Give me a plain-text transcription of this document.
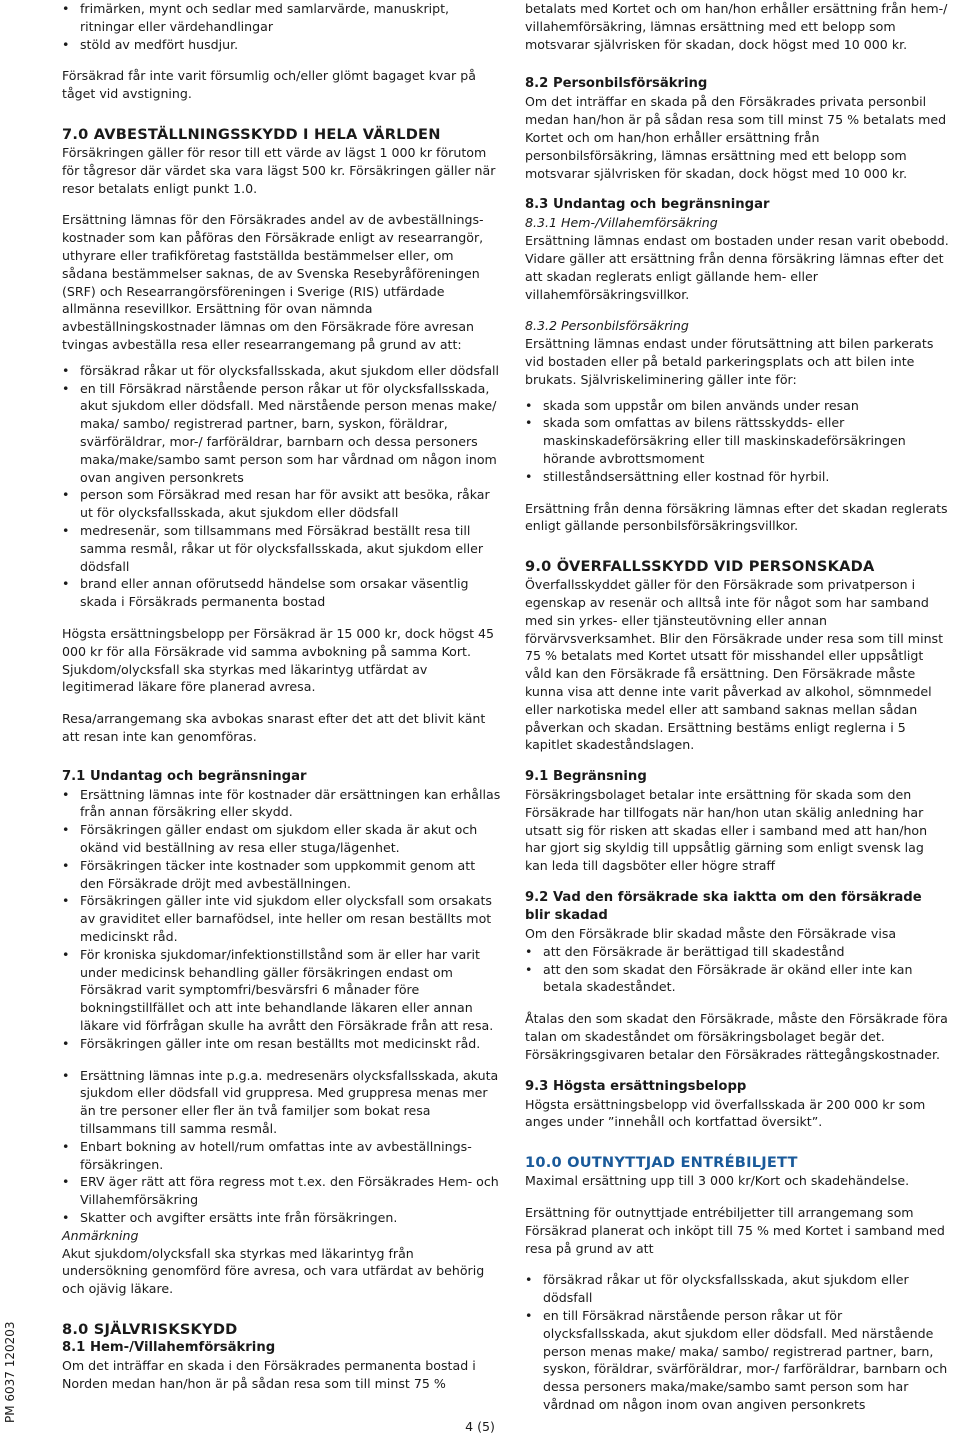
PM 6037 120203
• frimärken, mynt och sedlar med samlarvärde, manuskript, ritningar eller värdehandlingar
• stöld av medfört husdjur.

Försäkrad får inte varit försumlig och/eller glömt bagaget kvar på tåget vid avstigning.

7.0 AVBESTÄLLNINGSSKYDD I HELA VÄRLDEN

Försäkringen gäller för resor till ett värde av lägst 1 000 kr förutom för tågresor där värdet ska vara lägst 500 kr. Försäkringen gäller när resor betalats enligt punkt 1.0.

Ersättning lämnas för den Försäkrades andel av de avbeställnings-kostnader som kan påföras den Försäkrade enligt av researrangör, uthyrare eller trafikföretag fastställda bestämmelser eller, om sådana bestämmelser saknas, de av Svenska Resebyråföreningen (SRF) och Researrangörsföreningen i Sverige (RIS) utfärdade allmänna resevillkor. Ersättning för ovan nämnda avbeställningskostnader lämnas om den Försäkrade före avresan tvingas avbeställa resa eller researrangemang på grund av att:

• försäkrad råkar ut för olycksfallsskada, akut sjukdom eller dödsfall
• en till Försäkrad närstående person råkar ut för olycksfallsskada, akut sjukdom eller dödsfall. Med närstående person menas make/ maka/ sambo/ registrerad partner, barn, syskon, föräldrar, svärföräldrar, mor-/ farföräldrar, barnbarn och dessa personers maka/make/sambo samt person som har vårdnad om någon inom ovan angiven personkrets
• person som Försäkrad med resan har för avsikt att besöka, råkar ut för olycksfallsskada, akut sjukdom eller dödsfall
• medresenär, som tillsammans med Försäkrad beställt resa till samma resmål, råkar ut för olycksfallsskada, akut sjukdom eller dödsfall
• brand eller annan oförutsedd händelse som orsakar väsentlig skada i Försäkrads permanenta bostad

Högsta ersättningsbelopp per Försäkrad är 15 000 kr, dock högst 45 000 kr för alla Försäkrade vid samma avbokning på samma Kort. Sjukdom/olycksfall ska styrkas med läkarintyg utfärdat av legitimerad läkare före planerad avresa.

Resa/arrangemang ska avbokas snarast efter det att det blivit känt att resan inte kan genomföras.

7.1 Undantag och begränsningar
• Ersättning lämnas inte för kostnader där ersättningen kan erhållas från annan försäkring eller skydd.
• Försäkringen gäller endast om sjukdom eller skada är akut och okänd vid beställning av resa eller stuga/lägenhet.
• Försäkringen täcker inte kostnader som uppkommit genom att den Försäkrade dröjt med avbeställningen.
• Försäkringen gäller inte vid sjukdom eller olycksfall som orsakats av graviditet eller barnafödsel, inte heller om resan beställts mot medicinskt råd.
• För kroniska sjukdomar/infektionstillstånd som är eller har varit under medicinsk behandling gäller försäkringen endast om Försäkrad varit symptomfri/besvärsfri 6 månader före bokningstillfället och att inte behandlande läkaren eller annan läkare vid förfrågan skulle ha avrått den Försäkrade från att resa.
• Försäkringen gäller inte om resan beställts mot medicinskt råd.
• Ersättning lämnas inte p.g.a. medresenärs olycksfallsskada, akuta sjukdom eller dödsfall vid gruppresa. Med gruppresa menas mer än tre personer eller fler än två familjer som bokat resa tillsammans till samma resmål.
• Enbart bokning av hotell/rum omfattas inte av avbeställnings-försäkringen.
• ERV äger rätt att föra regress mot t.ex. den Försäkrades Hem- och Villahemförsäkring
• Skatter och avgifter ersätts inte från försäkringen.

Anmärkning

Akut sjukdom/olycksfall ska styrkas med läkarintyg från undersökning genomförd före avresa, och vara utfärdat av behörig och ojävig läkare.

8.0 SJÄLVRISKSKYDD
8.1 Hem-/Villahemförsäkring

Om det inträffar en skada i den Försäkrades permanenta bostad i Norden medan han/hon är på sådan resa som till minst 75 %

betalats med Kortet och om han/hon erhåller ersättning från hem-/ villahemförsäkring, lämnas ersättning med ett belopp som motsvarar självrisken för skadan, dock högst med 10 000 kr.

8.2 Personbilsförsäkring

Om det inträffar en skada på den Försäkrades privata personbil medan han/hon är på sådan resa som till minst 75 % betalats med Kortet och om han/hon erhåller ersättning från personbilsförsäkring, lämnas ersättning med ett belopp som motsvarar självrisken för skadan, dock högst med 10 000 kr.

8.3 Undantag och begränsningar

8.3.1 Hem-/Villahemförsäkring

Ersättning lämnas endast om bostaden under resan varit obebodd. Vidare gäller att ersättning från denna försäkring lämnas efter det att skadan reglerats enligt gällande hem- eller villahemförsäkringsvillkor.

8.3.2 Personbilsförsäkring

Ersättning lämnas endast under förutsättning att bilen parkerats vid bostaden eller på betald parkeringsplats och att bilen inte brukats. Självriskeliminering gäller inte för:

• skada som uppstår om bilen används under resan
• skada som omfattas av bilens rättsskydds- eller maskinskadeförsäkring eller till maskinskadeförsäkringen hörande avbrottsmoment
• stilleståndsersättning eller kostnad för hyrbil.

Ersättning från denna försäkring lämnas efter det skadan reglerats enligt gällande personbilsförsäkringsvillkor.

9.0 ÖVERFALLSSKYDD VID PERSONSKADA

Överfallsskyddet gäller för den Försäkrade som privatperson i egenskap av resenär och alltså inte för något som har samband med sin yrkes- eller tjänsteutövning eller annan förvärvsverksamhet. Blir den Försäkrade under resa som till minst 75 % betalats med Kortet utsatt för misshandel eller uppsåtligt våld kan den Försäkrade få ersättning. Den Försäkrade måste kunna visa att denne inte varit påverkad av alkohol, sömnmedel eller narkotiska medel eller att samband saknas mellan sådan påverkan och skadan. Ersättning bestäms enligt reglerna i 5 kapitlet skadeståndslagen.

9.1 Begränsning

Försäkringsbolaget betalar inte ersättning för skada som den Försäkrade har tillfogats när han/hon utan skälig anledning har utsatt sig för risken att skadas eller i samband med att han/hon har gjort sig skyldig till uppsåtlig gärning som enligt svensk lag kan leda till dagsböter eller högre straff

9.2 Vad den försäkrade ska iaktta om den försäkrade blir skadad

Om den Försäkrade blir skadad måste den Försäkrade visa

• att den Försäkrade är berättigad till skadestånd
• att den som skadat den Försäkrade är okänd eller inte kan betala skadeståndet.

Åtalas den som skadat den Försäkrade, måste den Försäkrade föra talan om skadeståndet om försäkringsbolaget begär det. Försäkringsgivaren betalar den Försäkrades rättegångskostnader.

9.3 Högsta ersättningsbelopp

Högsta ersättningsbelopp vid överfallsskada är 200 000 kr som anges under ”innehåll och kortfattad översikt”.

10.0 OUTNYTTJAD ENTRÉBILJETT

Maximal ersättning upp till 3 000 kr/Kort och skadehändelse.

Ersättning för outnyttjade entrébiljetter till arrangemang som Försäkrad planerat och inköpt till 75 % med Kortet i samband med resa på grund av att

• försäkrad råkar ut för olycksfallsskada, akut sjukdom eller dödsfall
• en till Försäkrad närstående person råkar ut för olycksfallsskada, akut sjukdom eller dödsfall. Med närstående person menas make/ maka/ sambo/ registrerad partner, barn, syskon, föräldrar, svärföräldrar, mor-/ farföräldrar, barnbarn och dessa personers maka/make/sambo samt person som har vårdnad om någon inom ovan angiven personkrets
4 (5)
